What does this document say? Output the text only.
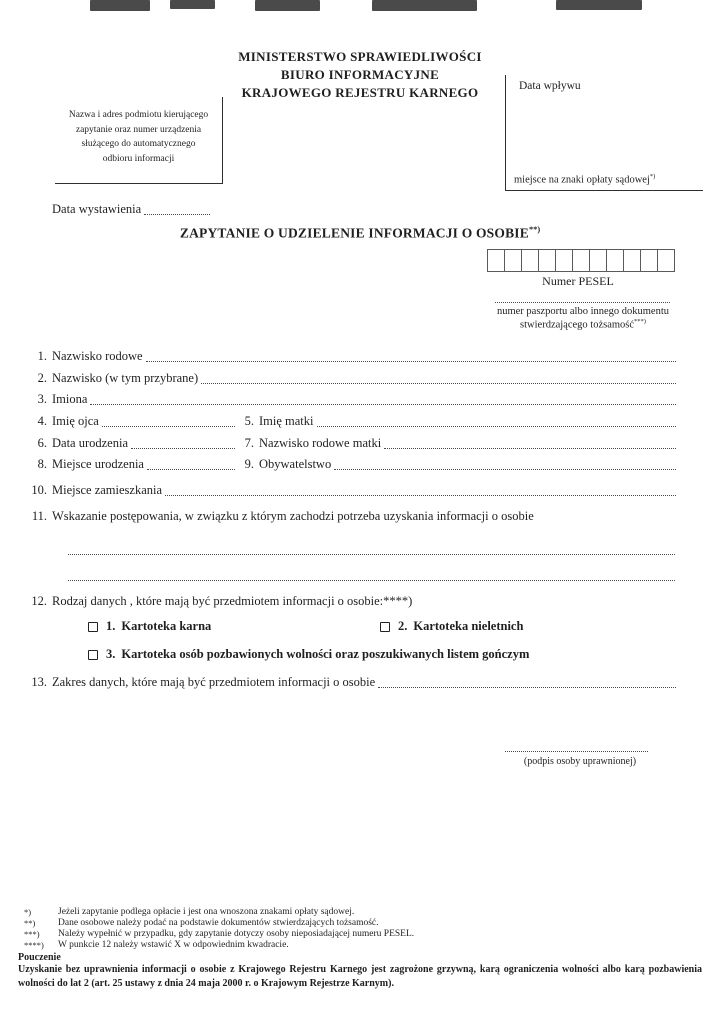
MINISTERSTWO SPRAWIEDLIWOŚCI
BIURO INFORMACYJNE
KRAJOWEGO REJESTRU KARNEGO	Data wpływu
miejsce na znaki opłaty sądowej*)
Nazwa i adres podmiotu kierującego
zapytanie oraz numer urządzenia
służącego do automatycznego
odbioru informacji
Data wystawienia
ZAPYTANIE O UDZIELENIE INFORMACJI O OSOBIE**)
Numer PESEL
numer paszportu albo innego dokumentu
stwierdzającego tożsamość***)
1. Nazwisko rodowe
2. Nazwisko (w tym przybrane)
3. Imiona
4. Imię ojca	5. Imię matki
6. Data urodzenia	7. Nazwisko rodowe matki
8. Miejsce urodzenia	9. Obywatelstwo
10. Miejsce zamieszkania
11. Wskazanie postępowania, w związku z którym zachodzi potrzeba uzyskania informacji o osobie
12. Rodzaj danych , które mają być przedmiotem informacji o osobie:****)
1. Kartoteka karna	2. Kartoteka nieletnich
3. Kartoteka osób pozbawionych wolności oraz poszukiwanych listem gończym
13. Zakres danych, które mają być przedmiotem informacji o osobie
(podpis osoby uprawnionej)
*)	Jeżeli zapytanie podlega opłacie i jest ona wnoszona znakami opłaty sądowej.
**)	Dane osobowe należy podać na podstawie dokumentów stwierdzających tożsamość.
***)	Należy wypełnić w przypadku, gdy zapytanie dotyczy osoby nieposiadającej numeru PESEL.
****)	W punkcie 12 należy wstawić X w odpowiednim kwadracie.
Pouczenie
Uzyskanie bez uprawnienia informacji o osobie z Krajowego Rejestru Karnego jest zagrożone grzywną, karą ograniczenia wolności albo karą pozbawienia wolności do lat 2 (art. 25 ustawy z dnia 24 maja 2000 r. o Krajowym Rejestrze Karnym).
